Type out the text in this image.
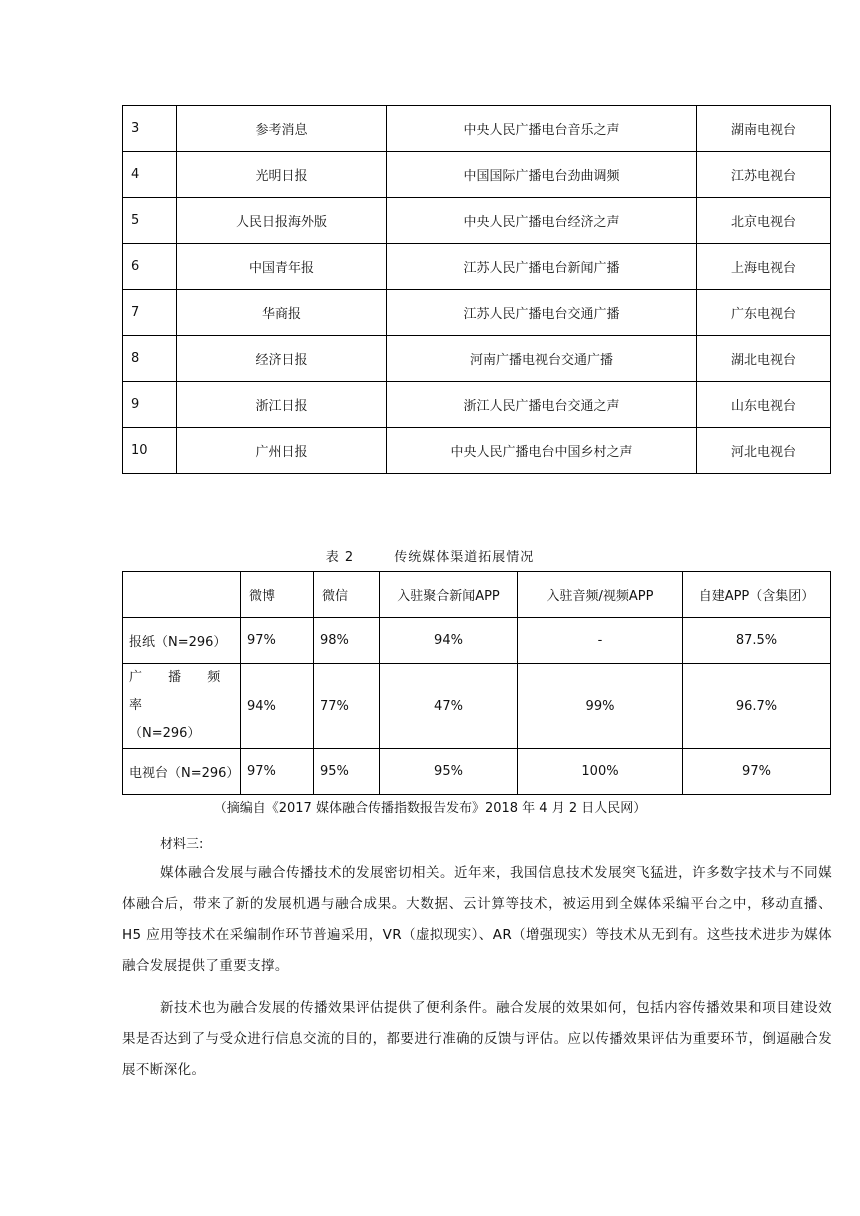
3	参考消息	中央人民广播电台音乐之声	湖南电视台
4	光明日报	中国国际广播电台劲曲调频	江苏电视台
5	人民日报海外版	中央人民广播电台经济之声	北京电视台
6	中国青年报	江苏人民广播电台新闻广播	上海电视台
7	华商报	江苏人民广播电台交通广播	广东电视台
8	经济日报	河南广播电视台交通广播	湖北电视台
9	浙江日报	浙江人民广播电台交通之声	山东电视台
10	广州日报	中央人民广播电台中国乡村之声	河北电视台
表 2	传统媒体渠道拓展情况
	微博	微信	入驻聚合新闻APP	入驻音频/视频APP	自建APP（含集团）
报纸（N=296）	97%	98%	94%	-	87.5%
广 播 频 率
（N=296）	94%	77%	47%	99%	96.7%
电视台（N=296）	97%	95%	95%	100%	97%
（摘编自《2017 媒体融合传播指数报告发布》2018 年 4 月 2 日人民网）
材料三:

媒体融合发展与融合传播技术的发展密切相关。近年来，我国信息技术发展突飞猛进，许多数字技术与不同媒体融合后，带来了新的发展机遇与融合成果。大数据、云计算等技术，被运用到全媒体采编平台之中，移动直播、H5 应用等技术在采编制作环节普遍采用，VR（虚拟现实）、AR（增强现实）等技术从无到有。这些技术进步为媒体融合发展提供了重要支撑。

新技术也为融合发展的传播效果评估提供了便利条件。融合发展的效果如何，包括内容传播效果和项目建设效果是否达到了与受众进行信息交流的目的，都要进行准确的反馈与评估。应以传播效果评估为重要环节，倒逼融合发展不断深化。
